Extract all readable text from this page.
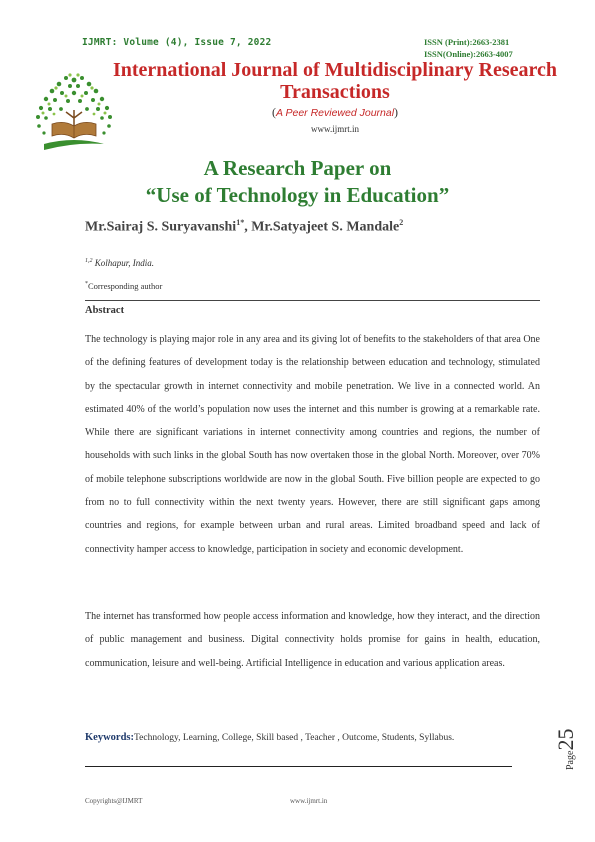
IJMRT: Volume (4), Issue 7, 2022	ISSN (Print):2663-2381
ISSN(Online):2663-4007
International Journal of Multidisciplinary Research
Transactions
(A Peer Reviewed Journal)
www.ijmrt.in
A Research Paper on
“Use of Technology in Education”
Mr.Sairaj S. Suryavanshi$^{1*}$, Mr.Satyajeet S. Mandale$^2$
$^{1,2}$ Kolhapur, India.
*Corresponding author
Abstract
The technology is playing major role in any area and its giving lot of benefits to the stakeholders of that area One of the defining features of development today is the relationship between education and technology, stimulated by the spectacular growth in internet connectivity and mobile penetration. We live in a connected world. An estimated 40% of the world’s population now uses the internet and this number is growing at a remarkable rate. While there are significant variations in internet connectivity among countries and regions, the number of households with such links in the global South has now overtaken those in the global North. Moreover, over 70% of mobile telephone subscriptions worldwide are now in the global South. Five billion people are expected to go from no to full connectivity within the next twenty years. However, there are still significant gaps among countries and regions, for example between urban and rural areas. Limited broadband speed and lack of connectivity hamper access to knowledge, participation in society and economic development.
The internet has transformed how people access information and knowledge, how they interact, and the direction of public management and business. Digital connectivity holds promise for gains in health, education, communication, leisure and well-being. Artificial Intelligence in education and various application areas.
Keywords:Technology, Learning, College, Skill based , Teacher , Outcome, Students, Syllabus.
Copyrights@IJMRT	www.ijmrt.in
Page25
